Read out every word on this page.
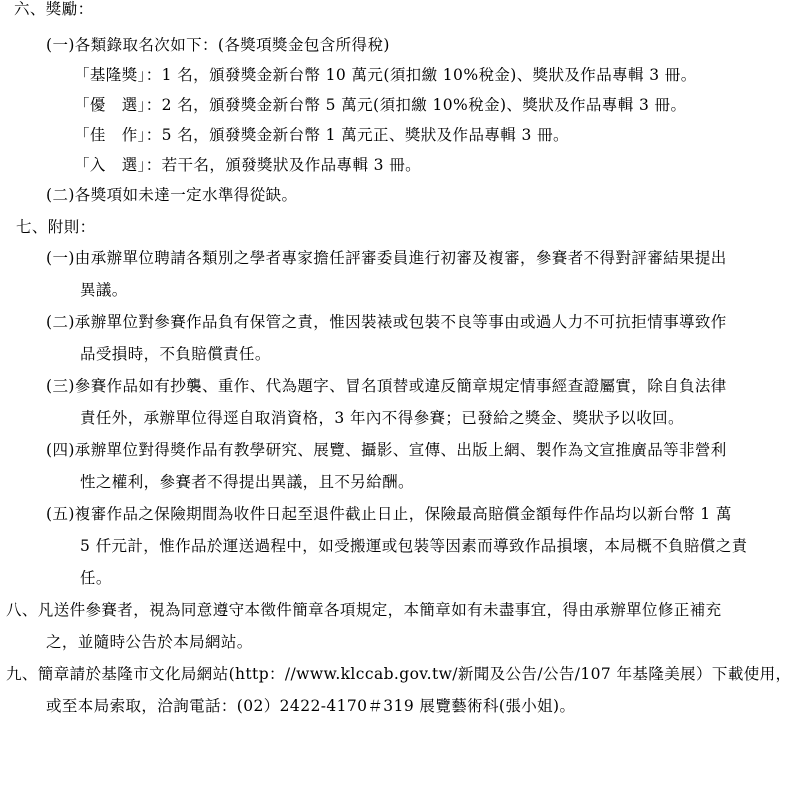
六、獎勵：
(一)各類錄取名次如下：(各獎項獎金包含所得稅)
「基隆獎」：1 名，頒發獎金新台幣 10 萬元(須扣繳 10%稅金)、獎狀及作品專輯 3 冊。
「優　選」：2 名，頒發獎金新台幣 5 萬元(須扣繳 10%稅金)、獎狀及作品專輯 3 冊。
「佳　作」：5 名，頒發獎金新台幣 1 萬元正、獎狀及作品專輯 3 冊。
「入　選」：若干名，頒發獎狀及作品專輯 3 冊。
(二)各獎項如未達一定水準得從缺。
七、附則：
(一)由承辦單位聘請各類別之學者專家擔任評審委員進行初審及複審，參賽者不得對評審結果提出
異議。
(二)承辦單位對參賽作品負有保管之責，惟因裝裱或包裝不良等事由或過人力不可抗拒情事導致作
品受損時，不負賠償責任。
(三)參賽作品如有抄襲、重作、代為題字、冒名頂替或違反簡章規定情事經查證屬實，除自負法律
責任外，承辦單位得逕自取消資格，3 年內不得參賽；已發給之獎金、獎狀予以收回。
(四)承辦單位對得獎作品有教學研究、展覽、攝影、宣傳、出版上網、製作為文宣推廣品等非營利
性之權利，參賽者不得提出異議，且不另給酬。
(五)複審作品之保險期間為收件日起至退件截止日止，保險最高賠償金額每件作品均以新台幣 1 萬
5 仟元計，惟作品於運送過程中，如受搬運或包裝等因素而導致作品損壞，本局概不負賠償之責
任。
八、凡送件參賽者，視為同意遵守本徵件簡章各項規定，本簡章如有未盡事宜，得由承辦單位修正補充
之，並隨時公告於本局網站。
九、簡章請於基隆市文化局網站(http：//www.klccab.gov.tw/新聞及公告/公告/107 年基隆美展）下載使用，
或至本局索取，洽詢電話：(02）2422-4170＃319 展覽藝術科(張小姐)。
